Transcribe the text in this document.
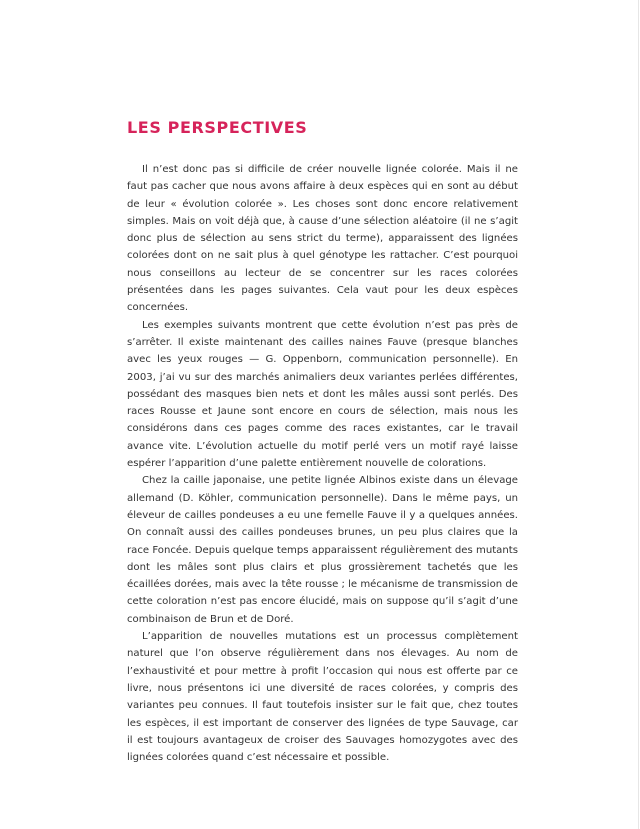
LES PERSPECTIVES

Il n’est donc pas si difficile de créer nouvelle lignée colorée. Mais il ne faut pas cacher que nous avons affaire à deux espèces qui en sont au début de leur « évolution colorée ». Les choses sont donc encore relativement simples. Mais on voit déjà que, à cause d’une sélection aléatoire (il ne s’agit donc plus de sélection au sens strict du terme), apparaissent des lignées colorées dont on ne sait plus à quel génotype les rattacher. C’est pourquoi nous conseillons au lecteur de se concentrer sur les races colorées présentées dans les pages suivantes. Cela vaut pour les deux espèces concernées.

Les exemples suivants montrent que cette évolution n’est pas près de s’arrêter. Il existe maintenant des cailles naines Fauve (presque blanches avec les yeux rouges — G. Oppenborn, communication personnelle). En 2003, j’ai vu sur des marchés animaliers deux variantes perlées différentes, possédant des masques bien nets et dont les mâles aussi sont perlés. Des races Rousse et Jaune sont encore en cours de sélection, mais nous les considérons dans ces pages comme des races existantes, car le travail avance vite. L’évolution actuelle du motif perlé vers un motif rayé laisse espérer l’apparition d’une palette entièrement nouvelle de colorations.

Chez la caille japonaise, une petite lignée Albinos existe dans un élevage allemand (D. Köhler, communication personnelle). Dans le même pays, un éleveur de cailles pondeuses a eu une femelle Fauve il y a quelques années. On connaît aussi des cailles pondeuses brunes, un peu plus claires que la race Foncée. Depuis quelque temps apparaissent régulièrement des mutants dont les mâles sont plus clairs et plus grossièrement tachetés que les écaillées dorées, mais avec la tête rousse ; le mécanisme de transmission de cette coloration n’est pas encore élucidé, mais on suppose qu’il s’agit d’une combinaison de Brun et de Doré.

L’apparition de nouvelles mutations est un processus complètement naturel que l’on observe régulièrement dans nos élevages. Au nom de l’exhaustivité et pour mettre à profit l’occasion qui nous est offerte par ce livre, nous présentons ici une diversité de races colorées, y compris des variantes peu connues. Il faut toutefois insister sur le fait que, chez toutes les espèces, il est important de conserver des lignées de type Sauvage, car il est toujours avantageux de croiser des Sauvages homozygotes avec des lignées colorées quand c’est nécessaire et possible.
